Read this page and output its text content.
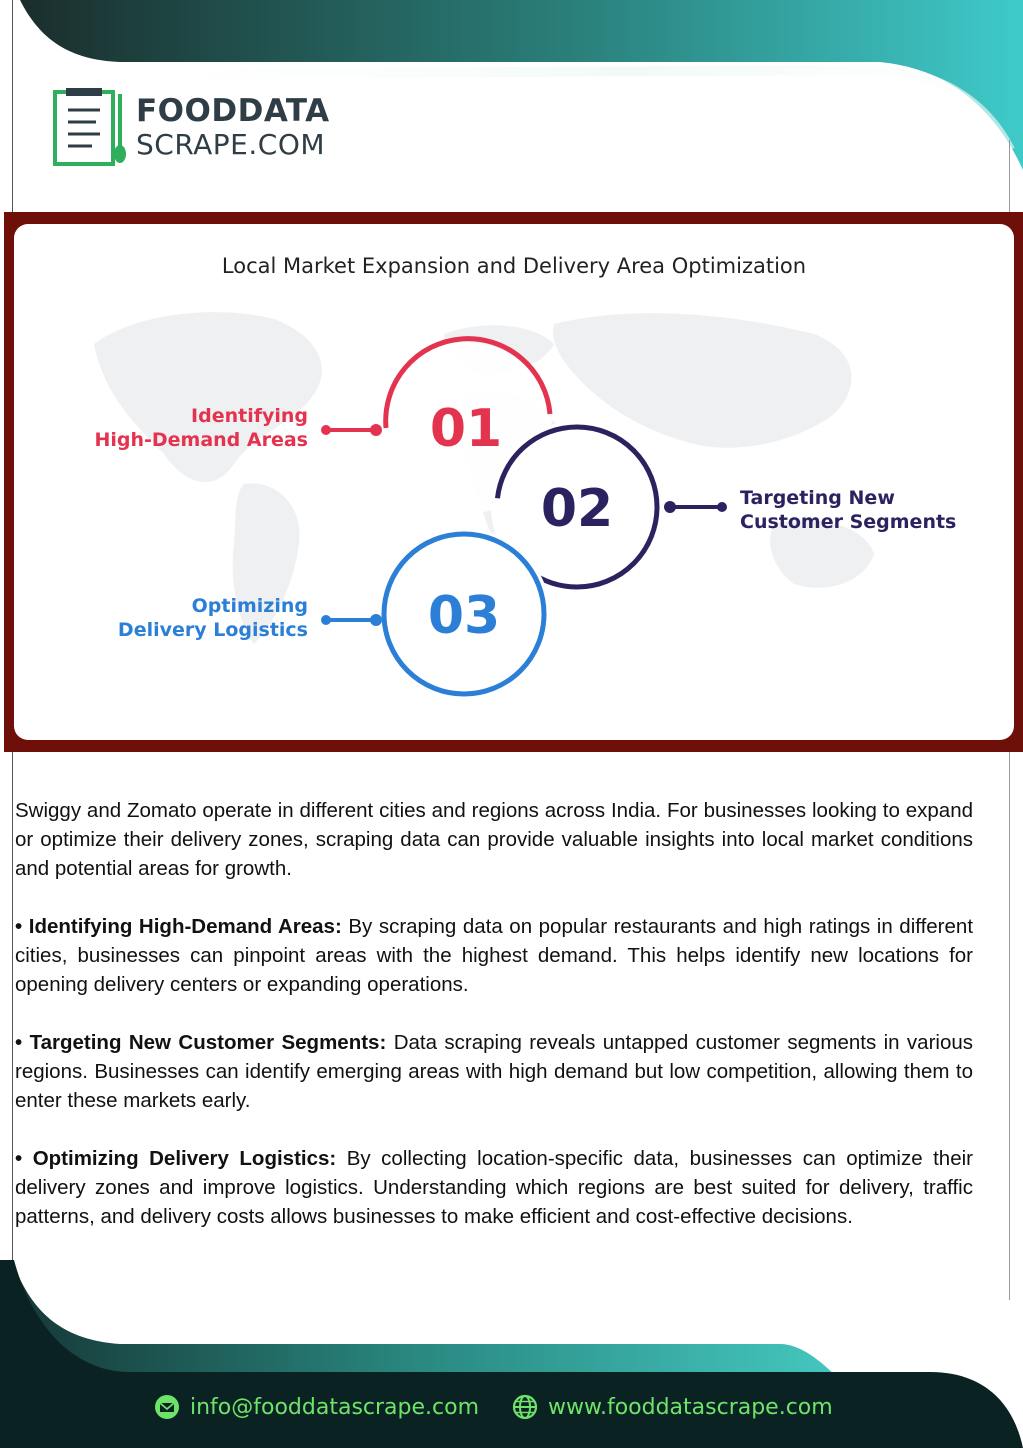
FOODDATA
SCRAPE.COM
Local Market Expansion and Delivery Area Optimization
01
02
03
Identifying
High-Demand Areas
Targeting New
Customer Segments
Optimizing
Delivery Logistics

Swiggy and Zomato operate in different cities and regions across India. For businesses looking to expand or optimize their delivery zones, scraping data can provide valuable insights into local market conditions and potential areas for growth.

• Identifying High-Demand Areas: By scraping data on popular restaurants and high ratings in different cities, businesses can pinpoint areas with the highest demand. This helps identify new locations for opening delivery centers or expanding operations.

• Targeting New Customer Segments: Data scraping reveals untapped customer segments in various regions. Businesses can identify emerging areas with high demand but low competition, allowing them to enter these markets early.

• Optimizing Delivery Logistics: By collecting location-specific data, businesses can optimize their delivery zones and improve logistics. Understanding which regions are best suited for delivery, traffic patterns, and delivery costs allows businesses to make efficient and cost-effective decisions.

info@fooddatascrape.com	www.fooddatascrape.com
